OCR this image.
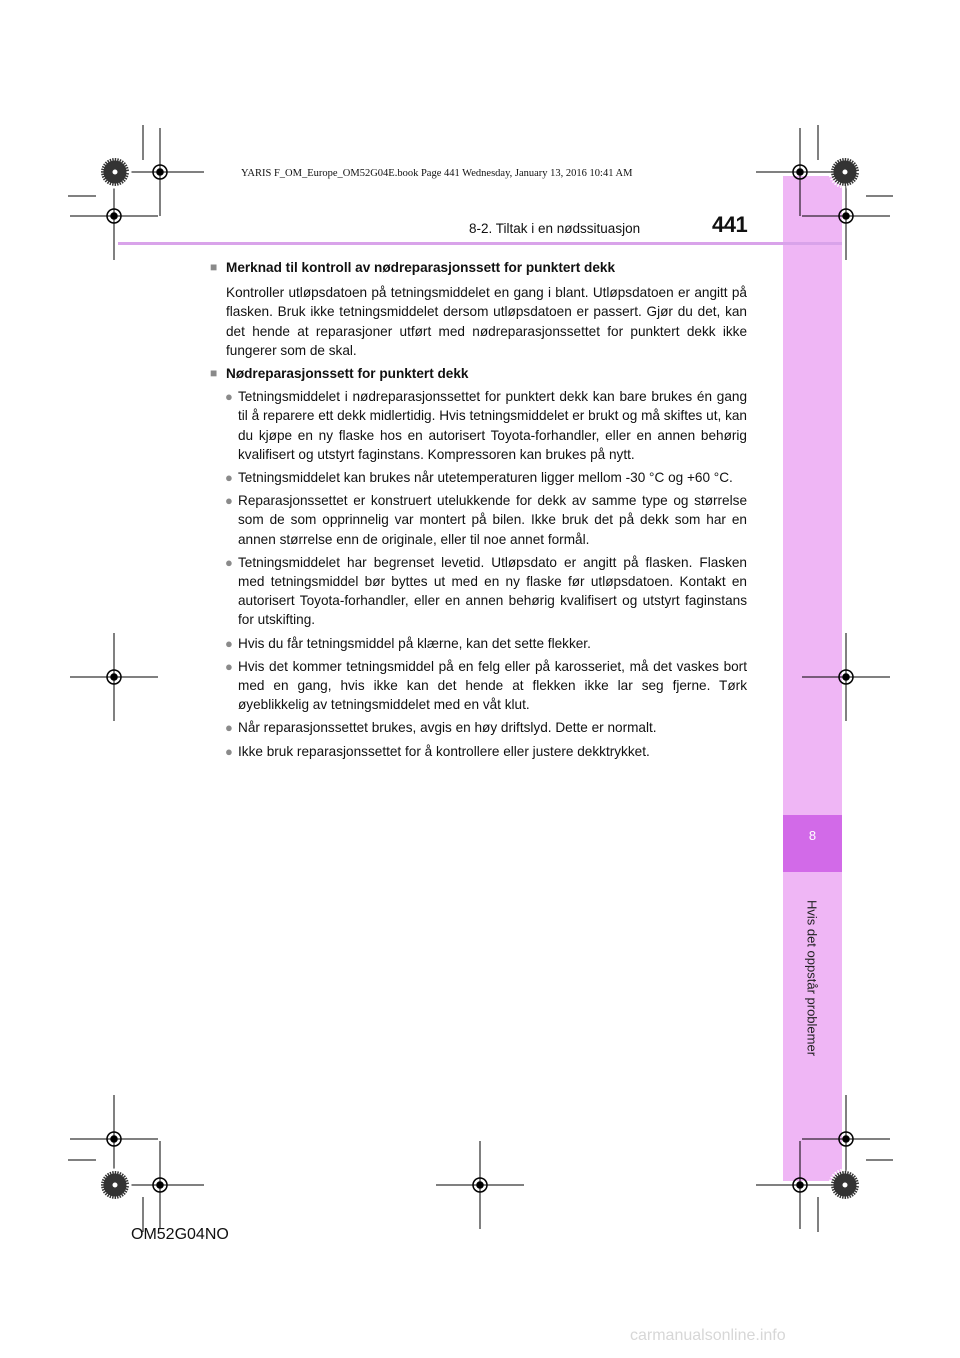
8
Hvis det oppstår problemer
8-2. Tiltak i en nødssituasjon	441
YARIS F_OM_Europe_OM52G04E.book Page 441 Wednesday, January 13, 2016 10:41 AM
■ Merknad til kontroll av nødreparasjonssett for punktert dekk
Kontroller utløpsdatoen på tetningsmiddelet en gang i blant. Utløpsdatoen er angitt på flasken. Bruk ikke tetningsmiddelet dersom utløpsdatoen er passert. Gjør du det, kan det hende at reparasjoner utført med nødreparasjonssettet for punktert dekk ikke fungerer som de skal.
■ Nødreparasjonssett for punktert dekk
● Tetningsmiddelet i nødreparasjonssettet for punktert dekk kan bare brukes én gang til å reparere ett dekk midlertidig. Hvis tetningsmiddelet er brukt og må skiftes ut, kan du kjøpe en ny flaske hos en autorisert Toyota-forhandler, eller en annen behørig kvalifisert og utstyrt faginstans. Kompressoren kan brukes på nytt.
● Tetningsmiddelet kan brukes når utetemperaturen ligger mellom -30 °C og +60 °C.
● Reparasjonssettet er konstruert utelukkende for dekk av samme type og størrelse som de som opprinnelig var montert på bilen. Ikke bruk det på dekk som har en annen størrelse enn de originale, eller til noe annet formål.
● Tetningsmiddelet har begrenset levetid. Utløpsdato er angitt på flasken. Flasken med tetningsmiddel bør byttes ut med en ny flaske før utløpsdatoen. Kontakt en autorisert Toyota-forhandler, eller en annen behørig kvalifisert og utstyrt faginstans for utskifting.
● Hvis du får tetningsmiddel på klærne, kan det sette flekker.
● Hvis det kommer tetningsmiddel på en felg eller på karosseriet, må det vaskes bort med en gang, hvis ikke kan det hende at flekken ikke lar seg fjerne. Tørk øyeblikkelig av tetningsmiddelet med en våt klut.
● Når reparasjonssettet brukes, avgis en høy driftslyd. Dette er normalt.
● Ikke bruk reparasjonssettet for å kontrollere eller justere dekktrykket.
OM52G04NO
carmanualsonline.info
